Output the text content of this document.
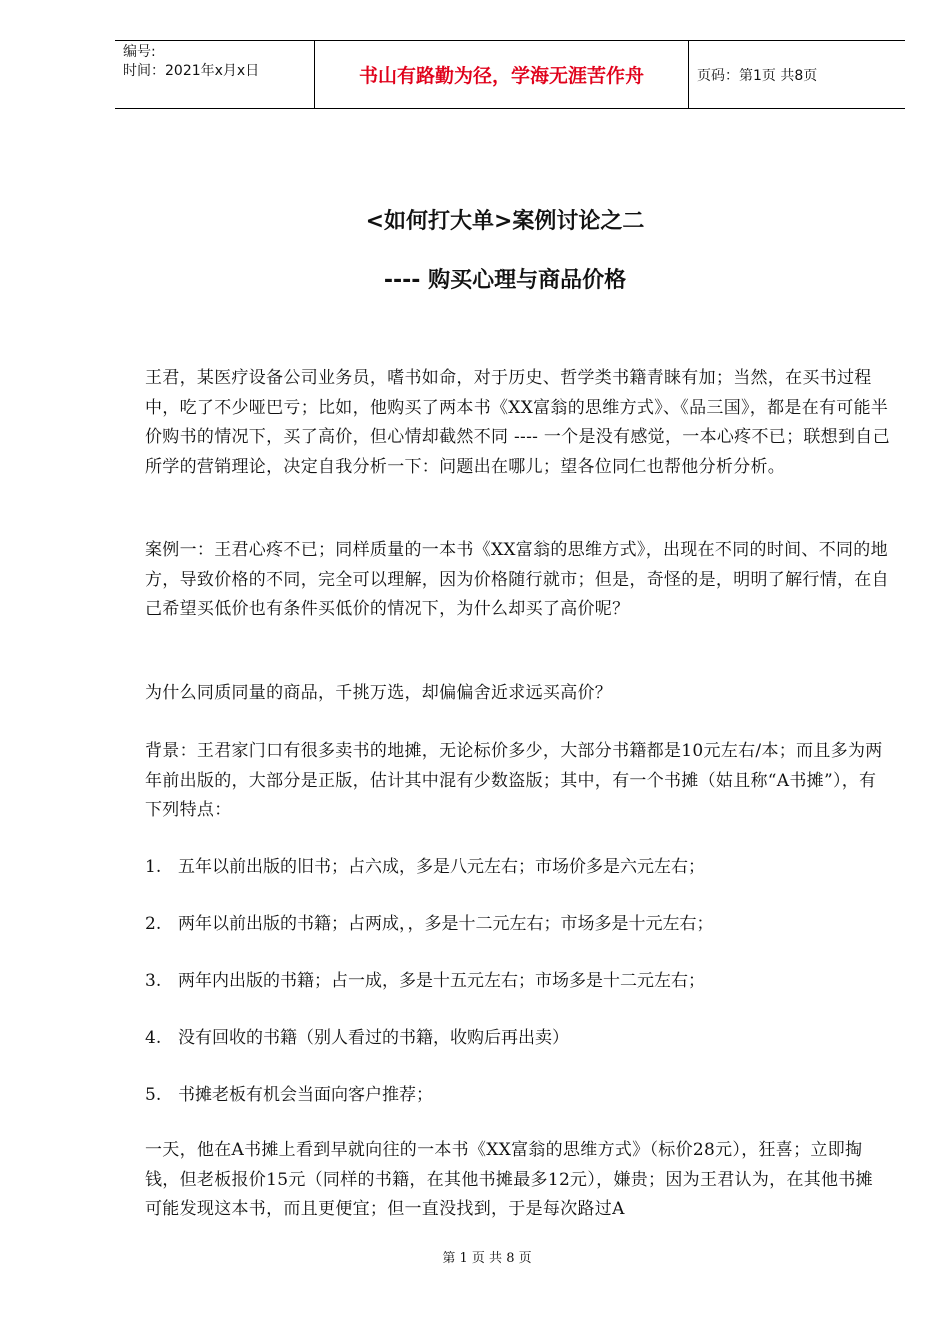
编号:
时间：2021年x月x日	书山有路勤为径，学海无涯苦作舟	页码：第1页 共8页
<如何打大单>案例讨论之二
---- 购买心理与商品价格

王君，某医疗设备公司业务员，嗜书如命，对于历史、哲学类书籍青睐有加；当然，在买书过程中，吃了不少哑巴亏；比如，他购买了两本书《XX富翁的思维方式》、《品三国》，都是在有可能半价购书的情况下，买了高价，但心情却截然不同 ---- 一个是没有感觉，一本心疼不已；联想到自己所学的营销理论，决定自我分析一下：问题出在哪儿；望各位同仁也帮他分析分析。

案例一：王君心疼不已；同样质量的一本书《XX富翁的思维方式》，出现在不同的时间、不同的地方，导致价格的不同，完全可以理解，因为价格随行就市；但是，奇怪的是，明明了解行情，在自己希望买低价也有条件买低价的情况下，为什么却买了高价呢？

为什么同质同量的商品，千挑万选，却偏偏舍近求远买高价？

背景：王君家门口有很多卖书的地摊，无论标价多少，大部分书籍都是10元左右/本；而且多为两年前出版的，大部分是正版，估计其中混有少数盗版；其中，有一个书摊（姑且称“A书摊”），有下列特点：

1. 五年以前出版的旧书；占六成，多是八元左右；市场价多是六元左右；
2. 两年以前出版的书籍；占两成，，多是十二元左右；市场多是十元左右；
3. 两年内出版的书籍；占一成，多是十五元左右；市场多是十二元左右；
4. 没有回收的书籍（别人看过的书籍，收购后再出卖）
5. 书摊老板有机会当面向客户推荐；

一天，他在A书摊上看到早就向往的一本书《XX富翁的思维方式》（标价28元），狂喜；立即掏钱，但老板报价15元（同样的书籍，在其他书摊最多12元），嫌贵；因为王君认为，在其他书摊可能发现这本书，而且更便宜；但一直没找到，于是每次路过A

第 1 页 共 8 页
